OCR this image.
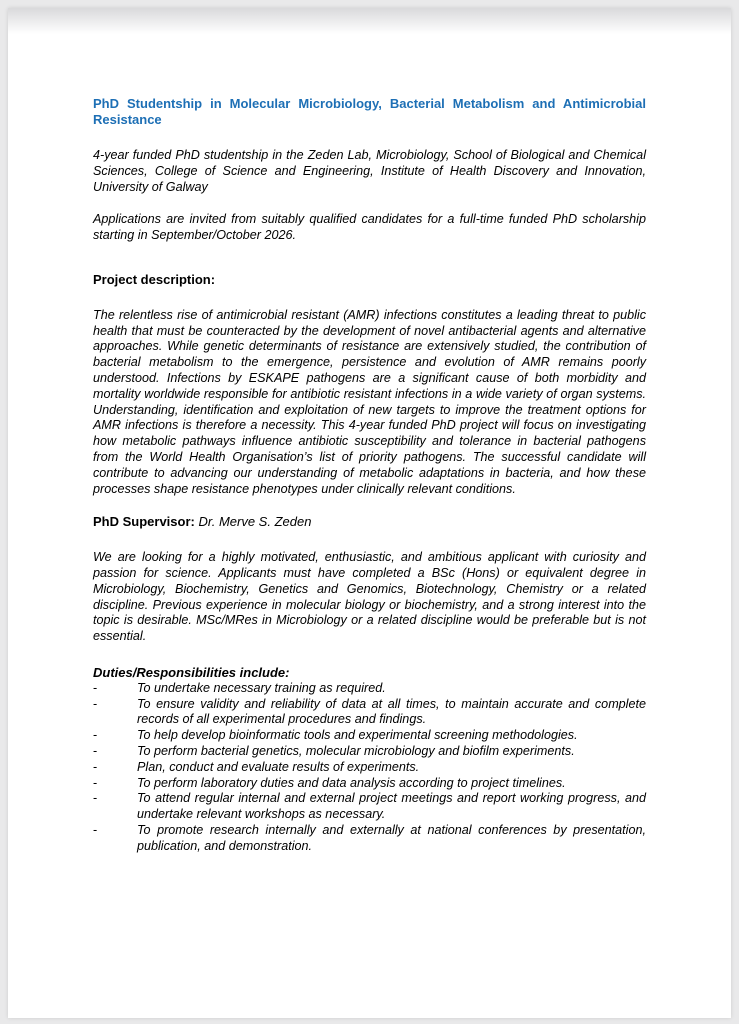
PhD Studentship in Molecular Microbiology, Bacterial Metabolism and Antimicrobial Resistance

4-year funded PhD studentship in the Zeden Lab, Microbiology, School of Biological and Chemical Sciences, College of Science and Engineering, Institute of Health Discovery and Innovation, University of Galway

Applications are invited from suitably qualified candidates for a full-time funded PhD scholarship starting in September/October 2026.

Project description:

The relentless rise of antimicrobial resistant (AMR) infections constitutes a leading threat to public health that must be counteracted by the development of novel antibacterial agents and alternative approaches. While genetic determinants of resistance are extensively studied, the contribution of bacterial metabolism to the emergence, persistence and evolution of AMR remains poorly understood. Infections by ESKAPE pathogens are a significant cause of both morbidity and mortality worldwide responsible for antibiotic resistant infections in a wide variety of organ systems. Understanding, identification and exploitation of new targets to improve the treatment options for AMR infections is therefore a necessity. This 4-year funded PhD project will focus on investigating how metabolic pathways influence antibiotic susceptibility and tolerance in bacterial pathogens from the World Health Organisation’s list of priority pathogens. The successful candidate will contribute to advancing our understanding of metabolic adaptations in bacteria, and how these processes shape resistance phenotypes under clinically relevant conditions.

PhD Supervisor: Dr. Merve S. Zeden

We are looking for a highly motivated, enthusiastic, and ambitious applicant with curiosity and passion for science. Applicants must have completed a BSc (Hons) or equivalent degree in Microbiology, Biochemistry, Genetics and Genomics, Biotechnology, Chemistry or a related discipline. Previous experience in molecular biology or biochemistry, and a strong interest into the topic is desirable. MSc/MRes in Microbiology or a related discipline would be preferable but is not essential.

Duties/Responsibilities include:

-	To undertake necessary training as required.
-	To ensure validity and reliability of data at all times, to maintain accurate and complete records of all experimental procedures and findings.
-	To help develop bioinformatic tools and experimental screening methodologies.
-	To perform bacterial genetics, molecular microbiology and biofilm experiments.
-	Plan, conduct and evaluate results of experiments.
-	To perform laboratory duties and data analysis according to project timelines.
-	To attend regular internal and external project meetings and report working progress, and undertake relevant workshops as necessary.
-	To promote research internally and externally at national conferences by presentation, publication, and demonstration.
